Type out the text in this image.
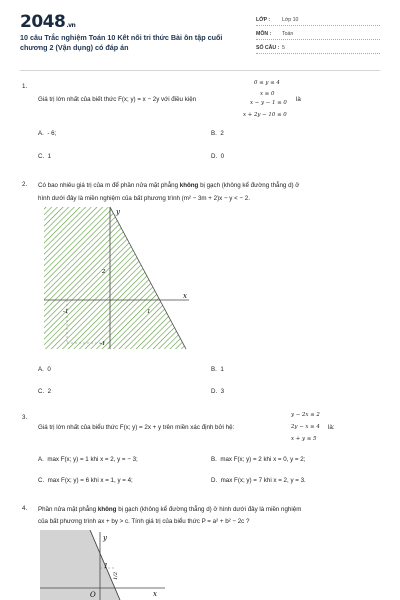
2048.vn
10 câu Trắc nghiệm Toán 10 Kết nối tri thức Bài ôn tập cuối chương 2 (Vận dụng) có đáp án
LỚP : Lớp 10
MÔN : Toán
SỐ CÂU : 5
1.	0 ≤ y ≤ 4
x ≥ 0
x − y − 1 ≤ 0
x + 2y − 10 ≤ 0
Giá trị lớn nhất của biết thức F(x; y) = x − 2y với điều kiện	là
A. - 6;	B. 2
C. 1	D. 0
2. Có bao nhiêu giá trị của m để phần nửa mặt phẳng không bị gạch (không kể đường thẳng d) ở
hình dưới đây là miền nghiệm của bất phương trình (m² − 3m + 2)x − y < − 2.
y
x
2
-1	1
-1
A. 0	B. 1
C. 2	D. 3
3.	y − 2x ≤ 2
2y − x ≥ 4
x + y ≤ 5
Giá trị lớn nhất của biểu thức F(x; y) = 2x + y trên miền xác định bởi hệ:	là:
A. max F(x; y) = 1 khi x = 2, y = − 3;	B. max F(x; y) = 2 khi x = 0, y = 2;
C. max F(x; y) = 6 khi x = 1, y = 4;	D. max F(x; y) = 7 khi x = 2, y = 3.
4. Phần nửa mặt phẳng không bị gạch (không kể đường thẳng d) ở hình dưới đây là miền nghiệm
của bất phương trình ax + by > c. Tính giá trị của biểu thức P = a² + b² − 2c ?
y
x
O
1
1/2
